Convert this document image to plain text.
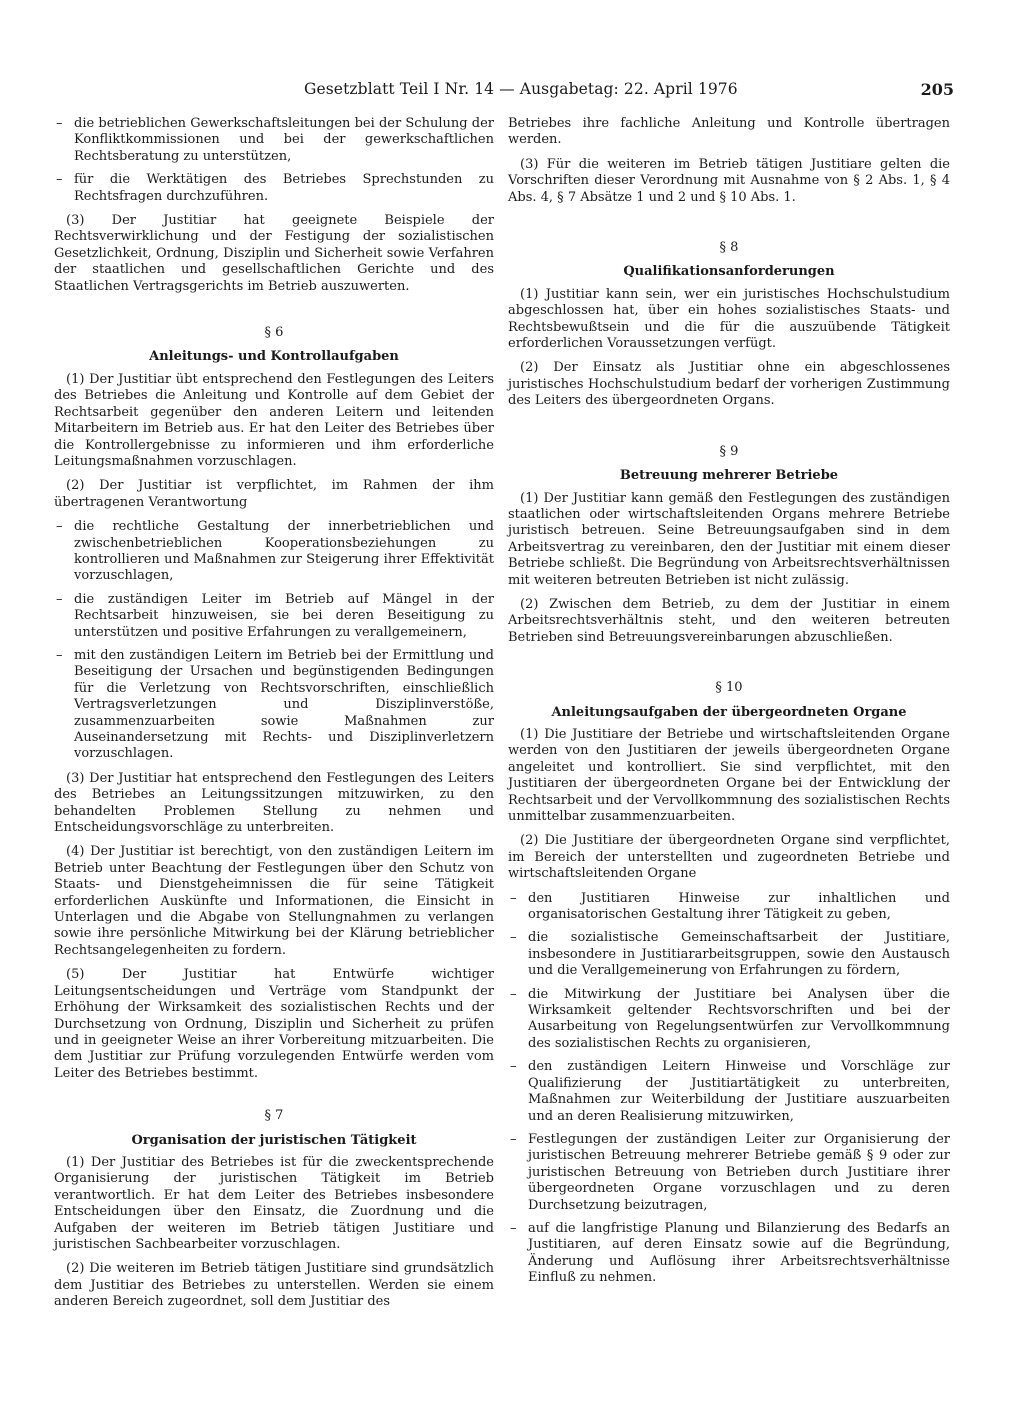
Gesetzblatt Teil I Nr. 14 — Ausgabetag: 22. April 1976	205
– die betrieblichen Gewerkschaftsleitungen bei der Schulung der Konfliktkommissionen und bei der gewerkschaftlichen Rechtsberatung zu unterstützen,
– für die Werktätigen des Betriebes Sprechstunden zu Rechtsfragen durchzuführen.

(3) Der Justitiar hat geeignete Beispiele der Rechtsverwirklichung und der Festigung der sozialistischen Gesetzlichkeit, Ordnung, Disziplin und Sicherheit sowie Verfahren der staatlichen und gesellschaftlichen Gerichte und des Staatlichen Vertragsgerichts im Betrieb auszuwerten.

§ 6
Anleitungs- und Kontrollaufgaben

(1) Der Justitiar übt entsprechend den Festlegungen des Leiters des Betriebes die Anleitung und Kontrolle auf dem Gebiet der Rechtsarbeit gegenüber den anderen Leitern und leitenden Mitarbeitern im Betrieb aus. Er hat den Leiter des Betriebes über die Kontrollergebnisse zu informieren und ihm erforderliche Leitungsmaßnahmen vorzuschlagen.

(2) Der Justitiar ist verpflichtet, im Rahmen der ihm übertragenen Verantwortung

– die rechtliche Gestaltung der innerbetrieblichen und zwischenbetrieblichen Kooperationsbeziehungen zu kontrollieren und Maßnahmen zur Steigerung ihrer Effektivität vorzuschlagen,
– die zuständigen Leiter im Betrieb auf Mängel in der Rechtsarbeit hinzuweisen, sie bei deren Beseitigung zu unterstützen und positive Erfahrungen zu verallgemeinern,
– mit den zuständigen Leitern im Betrieb bei der Ermittlung und Beseitigung der Ursachen und begünstigenden Bedingungen für die Verletzung von Rechtsvorschriften, einschließlich Vertragsverletzungen und Disziplinverstöße, zusammenzuarbeiten sowie Maßnahmen zur Auseinandersetzung mit Rechts- und Disziplinverletzern vorzuschlagen.

(3) Der Justitiar hat entsprechend den Festlegungen des Leiters des Betriebes an Leitungssitzungen mitzuwirken, zu den behandelten Problemen Stellung zu nehmen und Entscheidungsvorschläge zu unterbreiten.

(4) Der Justitiar ist berechtigt, von den zuständigen Leitern im Betrieb unter Beachtung der Festlegungen über den Schutz von Staats- und Dienstgeheimnissen die für seine Tätigkeit erforderlichen Auskünfte und Informationen, die Einsicht in Unterlagen und die Abgabe von Stellungnahmen zu verlangen sowie ihre persönliche Mitwirkung bei der Klärung betrieblicher Rechtsangelegenheiten zu fordern.

(5) Der Justitiar hat Entwürfe wichtiger Leitungsentscheidungen und Verträge vom Standpunkt der Erhöhung der Wirksamkeit des sozialistischen Rechts und der Durchsetzung von Ordnung, Disziplin und Sicherheit zu prüfen und in geeigneter Weise an ihrer Vorbereitung mitzuarbeiten. Die dem Justitiar zur Prüfung vorzulegenden Entwürfe werden vom Leiter des Betriebes bestimmt.

§ 7
Organisation der juristischen Tätigkeit

(1) Der Justitiar des Betriebes ist für die zweckentsprechende Organisierung der juristischen Tätigkeit im Betrieb verantwortlich. Er hat dem Leiter des Betriebes insbesondere Entscheidungen über den Einsatz, die Zuordnung und die Aufgaben der weiteren im Betrieb tätigen Justitiare und juristischen Sachbearbeiter vorzuschlagen.

(2) Die weiteren im Betrieb tätigen Justitiare sind grundsätzlich dem Justitiar des Betriebes zu unterstellen. Werden sie einem anderen Bereich zugeordnet, soll dem Justitiar des

Betriebes ihre fachliche Anleitung und Kontrolle übertragen werden.

(3) Für die weiteren im Betrieb tätigen Justitiare gelten die Vorschriften dieser Verordnung mit Ausnahme von § 2 Abs. 1, § 4 Abs. 4, § 7 Absätze 1 und 2 und § 10 Abs. 1.

§ 8
Qualifikationsanforderungen

(1) Justitiar kann sein, wer ein juristisches Hochschulstudium abgeschlossen hat, über ein hohes sozialistisches Staats- und Rechtsbewußtsein und die für die auszuübende Tätigkeit erforderlichen Voraussetzungen verfügt.

(2) Der Einsatz als Justitiar ohne ein abgeschlossenes juristisches Hochschulstudium bedarf der vorherigen Zustimmung des Leiters des übergeordneten Organs.

§ 9
Betreuung mehrerer Betriebe

(1) Der Justitiar kann gemäß den Festlegungen des zuständigen staatlichen oder wirtschaftsleitenden Organs mehrere Betriebe juristisch betreuen. Seine Betreuungsaufgaben sind in dem Arbeitsvertrag zu vereinbaren, den der Justitiar mit einem dieser Betriebe schließt. Die Begründung von Arbeitsrechtsverhältnissen mit weiteren betreuten Betrieben ist nicht zulässig.

(2) Zwischen dem Betrieb, zu dem der Justitiar in einem Arbeitsrechtsverhältnis steht, und den weiteren betreuten Betrieben sind Betreuungsvereinbarungen abzuschließen.

§ 10
Anleitungsaufgaben der übergeordneten Organe

(1) Die Justitiare der Betriebe und wirtschaftsleitenden Organe werden von den Justitiaren der jeweils übergeordneten Organe angeleitet und kontrolliert. Sie sind verpflichtet, mit den Justitiaren der übergeordneten Organe bei der Entwicklung der Rechtsarbeit und der Vervollkommnung des sozialistischen Rechts unmittelbar zusammenzuarbeiten.

(2) Die Justitiare der übergeordneten Organe sind verpflichtet, im Bereich der unterstellten und zugeordneten Betriebe und wirtschaftsleitenden Organe

– den Justitiaren Hinweise zur inhaltlichen und organisatorischen Gestaltung ihrer Tätigkeit zu geben,
– die sozialistische Gemeinschaftsarbeit der Justitiare, insbesondere in Justitiararbeitsgruppen, sowie den Austausch und die Verallgemeinerung von Erfahrungen zu fördern,
– die Mitwirkung der Justitiare bei Analysen über die Wirksamkeit geltender Rechtsvorschriften und bei der Ausarbeitung von Regelungsentwürfen zur Vervollkommnung des sozialistischen Rechts zu organisieren,
– den zuständigen Leitern Hinweise und Vorschläge zur Qualifizierung der Justitiartätigkeit zu unterbreiten, Maßnahmen zur Weiterbildung der Justitiare auszuarbeiten und an deren Realisierung mitzuwirken,
– Festlegungen der zuständigen Leiter zur Organisierung der juristischen Betreuung mehrerer Betriebe gemäß § 9 oder zur juristischen Betreuung von Betrieben durch Justitiare ihrer übergeordneten Organe vorzuschlagen und zu deren Durchsetzung beizutragen,
– auf die langfristige Planung und Bilanzierung des Bedarfs an Justitiaren, auf deren Einsatz sowie auf die Begründung, Änderung und Auflösung ihrer Arbeitsrechtsverhältnisse Einfluß zu nehmen.
